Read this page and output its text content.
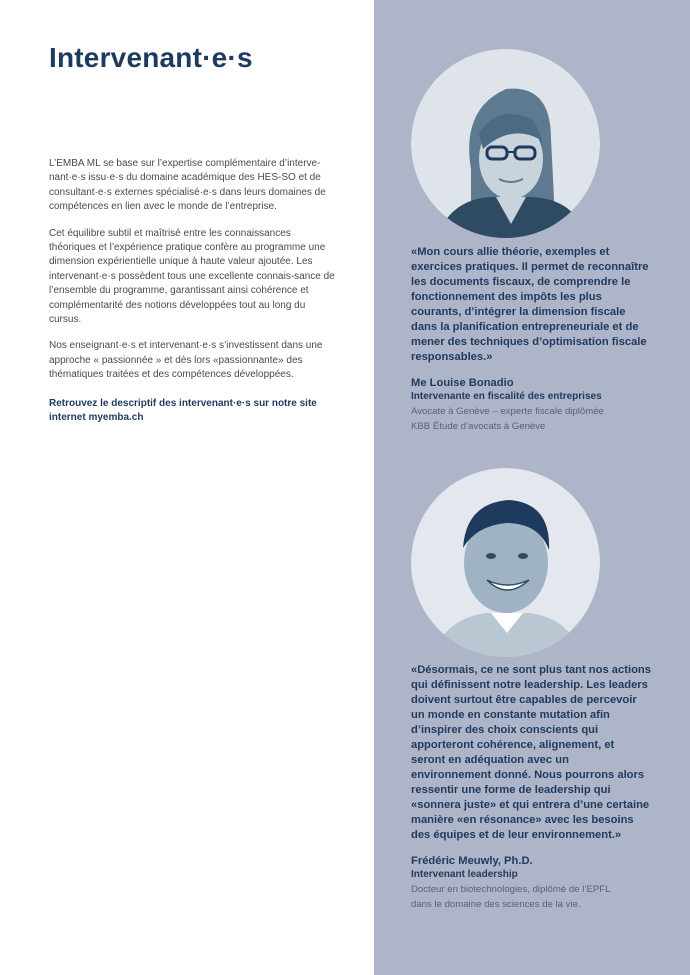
Intervenant·e·s

L’EMBA ML se base sur l’expertise complémentaire d’interve-nant·e·s issu·e·s du domaine académique des HES-SO et de consultant·e·s externes spécialisé·e·s dans leurs domaines de compétences en lien avec le monde de l’entreprise.

Cet équilibre subtil et maîtrisé entre les connaissances théoriques et l’expérience pratique confère au programme une dimension expérientielle unique à haute valeur ajoutée. Les intervenant·e·s possèdent tous une excellente connais-sance de l’ensemble du programme, garantissant ainsi cohérence et complémentarité des notions développées tout au long du cursus.

Nos enseignant·e·s et intervenant·e·s s’investissent dans une approche « passionnée » et dès lors «passionnante» des thématiques traitées et des compétences développées.

Retrouvez le descriptif des intervenant·e·s sur notre site internet myemba.ch

«Mon cours allie théorie, exemples et exercices pratiques. Il permet de reconnaître les documents fiscaux, de comprendre le fonctionnement des impôts les plus courants, d’intégrer la dimension fiscale dans la planification entrepreneuriale et de mener des techniques d’optimisation fiscale responsables.»

Me Louise Bonadio

Intervenante en fiscalité des entreprises

Avocate à Genève – experte fiscale diplômée
KBB Étude d’avocats à Genève

«Désormais, ce ne sont plus tant nos actions qui définissent notre leadership. Les leaders doivent surtout être capables de percevoir un monde en constante mutation afin d’inspirer des choix conscients qui apporteront cohérence, alignement, et seront en adéquation avec un environnement donné. Nous pourrons alors ressentir une forme de leadership qui «sonnera juste» et qui entrera d’une certaine manière «en résonance» avec les besoins des équipes et de leur environnement.»

Frédéric Meuwly, Ph.D.

Intervenant leadership

Docteur en biotechnologies, diplômé de l’EPFL
dans le domaine des sciences de la vie.
